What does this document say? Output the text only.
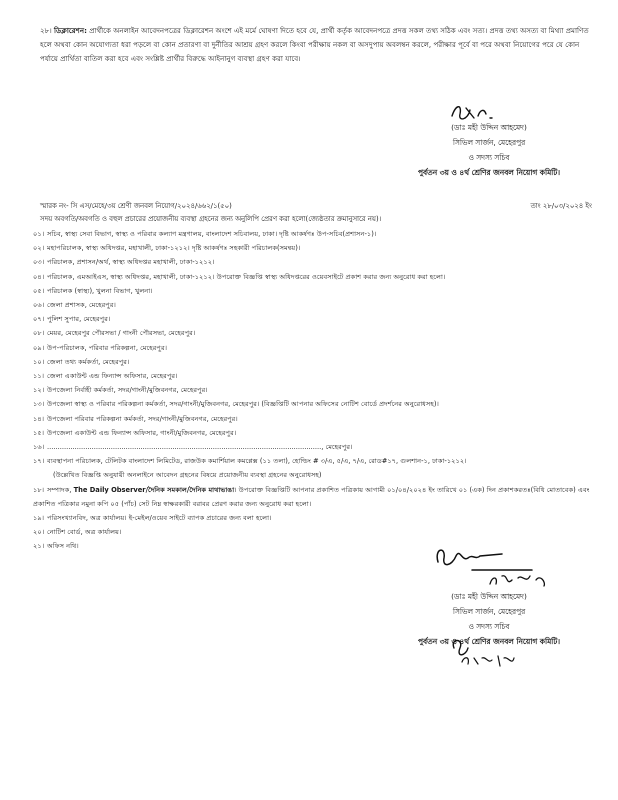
২৮। ডিক্লারেশন: প্রার্থীকে অনলাইন আবেদনপত্রের ডিক্লারেশন অংশে এই মর্মে ঘোষণা দিতে হবে যে, প্রার্থী কর্তৃক আবেদনপত্রে প্রদত্ত সকল তথ্য সঠিক এবং সত্য। প্রদত্ত তথ্য অসত্য বা মিথ্যা প্রমাণিত হলে অথবা কোন অযোগ্যতা ধরা পড়লে বা কোন প্রতারণা বা দুর্নীতির আশ্রয় গ্রহণ করলে কিংবা পরীক্ষায় নকল বা অসদুপায় অবলম্বন করলে, পরীক্ষার পূর্বে বা পরে অথবা নিয়োগের পরে যে কোন পর্যায়ে প্রার্থিতা বাতিল করা হবে এবং সংশ্লিষ্ট প্রার্থীর বিরুদ্ধে আইনানুগ ব্যবস্থা গ্রহণ করা যাবে।
(ডাঃ মহী উদ্দিন আহমেদ)
সিভিল সার্জন, মেহেরপুর
ও সদস্য সচিব
পুর্বতন ৩য় ও ৪র্থ শ্রেণির জনবল নিয়োগ কমিটি।
স্মারক নং- সি এস/মেহে/৩য় শ্রেণী জনবল নিয়োগ/২০২৪/৬৬২/১(৫০)	তাং ২৮/০৩/২০২৪ ইং
সদয় অবগতি/অবগতি ও বহুল প্রচারের প্রয়োজনীয় ব্যবস্থা গ্রহনের জন্য অনুলিপি প্রেরণ করা হলো(জ্যেষ্ঠতার ক্রমানুসারে নয়)।
০১। সচিব, স্বাস্থ্য সেবা বিভাগ, স্বাস্থ্য ও পরিবার কল্যাণ মন্ত্রণালয়, বাংলাদেশ সচিবালয়, ঢাকা। দৃষ্টি আকর্ষণঃ উপ-সচিব(প্রশাসন-১)।
০২। মহাপরিচালক, স্বাস্থ্য অধিদপ্তর, মহাখালী, ঢাকা-১২১২। দৃষ্টি আকর্ষণঃ সহকারী পরিচালক(সমন্বয়)।
০৩। পরিচালক, প্রশাসন/অর্থ, স্বাস্থ্য অধিদপ্তর মহাখালী, ঢাকা-১২১২।
০৪। পরিচালক, এমআইএস, স্বাস্থ্য অধিদপ্তর, মহাখালী, ঢাকা-১২১২। উপরোক্ত বিজ্ঞপ্তি স্বাস্থ্য অধিদপ্তরের ওয়েবসাইটে প্রকাশ করার জন্য অনুরোধ করা হলো।
০৫। পরিচালক (স্বাস্থ্য), খুলনা বিভাগ, খুলনা।
০৬। জেলা প্রশাসক, মেহেরপুর।
০৭। পুলিশ সুপার, মেহেরপুর।
০৮। মেয়র, মেহেরপুর পৌরসভা / গাংনী পৌরসভা, মেহেরপুর।
০৯। উপ-পরিচালক, পরিবার পরিকল্পনা, মেহেরপুর।
১০। জেলা তথ্য কর্মকর্তা, মেহেরপুর।
১১। জেলা একাউন্ট এন্ড ফিন্যান্স অফিসার, মেহেরপুর।
১২। উপজেলা নির্বাহী কর্মকর্তা, সদর/গাংনী/মুজিবনগর, মেহেরপুর।
১৩। উপজেলা স্বাস্থ্য ও পরিবার পরিকল্পনা কর্মকর্তা, সদর/গাংনী/মুজিবনগর, মেহেরপুর। (বিজ্ঞপ্তিটি আপনার অফিসের নোটিশ বোর্ডে প্রদর্শনের অনুরোধসহ)।
১৪। উপজেলা পরিবার পরিকল্পনা কর্মকর্তা, সদর/গাংনী/মুজিবনগর, মেহেরপুর।
১৫। উপজেলা একাউন্ট এন্ড ফিন্যান্স অফিসার, গাংনী/মুজিবনগর, মেহেরপুর।
১৬। ................................................................................................................................., মেহেরপুর।
১৭। ব্যবস্থাপনা পরিচালক, টেলিটক বাংলাদেশ লিমিটেড, রাজউক কমার্শিয়াল কমপ্লেক্স (১১ তলা), হোল্ডিং # ৩/এ, ৫/এ, ৭/এ, রোড#১৭, গুলশান-১, ঢাকা-১২১২।
(উল্লেখিত বিজ্ঞপ্তি অনুযায়ী অনলাইনে আবেদন গ্রহনের বিষয়ে প্রয়োজনীয় ব্যবস্থা গ্রহনের অনুরোধসহ)
১৮। সম্পাদক, The Daily Observer/দৈনিক সমকাল/দৈনিক মাথাভাঙা। উপরোক্ত বিজ্ঞপ্তিটি আপনার প্রকাশিত পত্রিকায় আগামী ০১/০৪/২০২৪ ইং তারিখে ০১ (এক) দিন প্রকাশকরতঃ(বিধি মোতাবেক) এবং প্রকাশিত পত্রিকার নমুনা কপি ০৫ (পাঁচ) সেট নিম্ন স্বাক্ষরকারী বরাবর প্রেরণ করার জন্য অনুরোধ করা হলো।
১৯। পরিসংখ্যানবিদ, অত্র কার্যালয়। ই-মেইল/ওয়েব সাইটে ব্যাপক প্রচারের জন্য বলা হলো।
২০। নোটিশ বোর্ড, অত্র কার্যালয়।
২১। অফিস নথি।
(ডাঃ মহী উদ্দিন আহমেদ)
সিভিল সার্জন, মেহেরপুর
ও সদস্য সচিব
পুর্বতন ৩য় ও ৪র্থ শ্রেণির জনবল নিয়োগ কমিটি।
